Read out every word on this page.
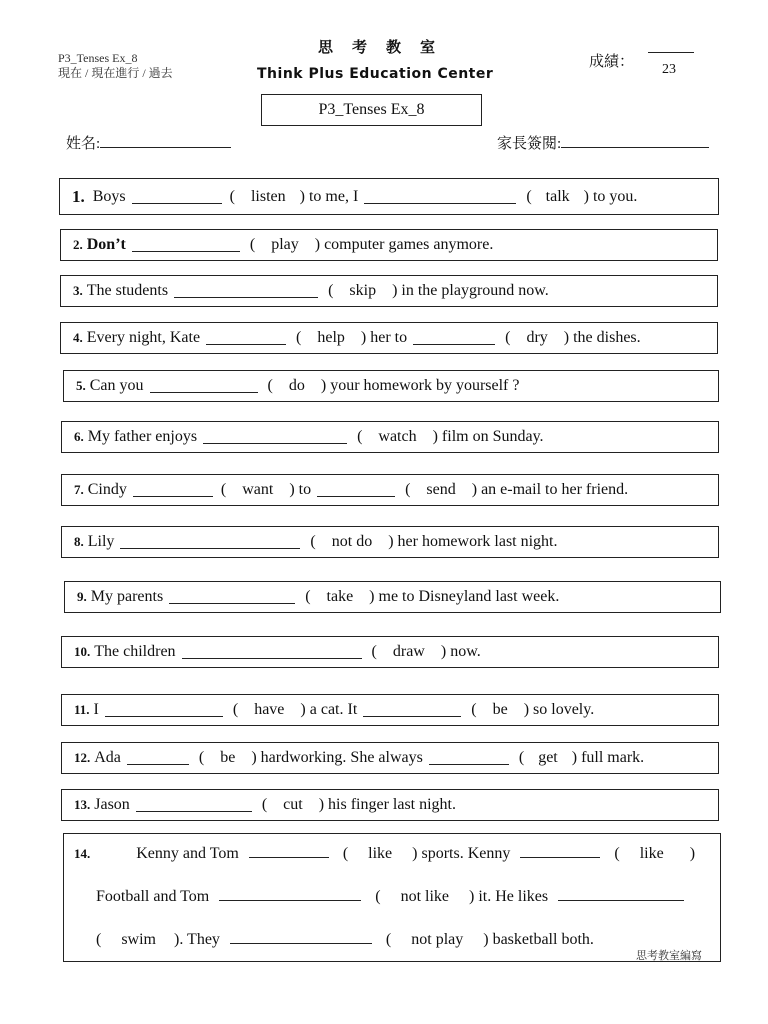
P3_Tenses Ex_8
現在 / 現在進行 / 過去
思考教室
Think Plus Education Center
成績： 23
P3_Tenses Ex_8
姓名:	家長簽閱:
1. Boys	( listen ) to me, I	( talk ) to you.
2. Don’t	( play ) computer games anymore.
3. The students	( skip ) in the playground now.
4. Every night, Kate	( help ) her to	( dry ) the dishes.
5. Can you	( do ) your homework by yourself ?
6. My father enjoys	( watch ) film on Sunday.
7. Cindy	( want ) to	( send ) an e-mail to her friend.
8. Lily	( not do ) her homework last night.
9. My parents	( take ) me to Disneyland last week.
10. The children	( draw ) now.
11. I	( have ) a cat. It	( be ) so lovely.
12. Ada	( be ) hardworking. She always	( get ) full mark.
13. Jason	( cut ) his finger last night.
14.	Kenny and Tom	( like ) sports. Kenny	( like )
Football and Tom	( not like ) it. He likes
( swim ). They	( not play ) basketball both.
思考教室編寫
